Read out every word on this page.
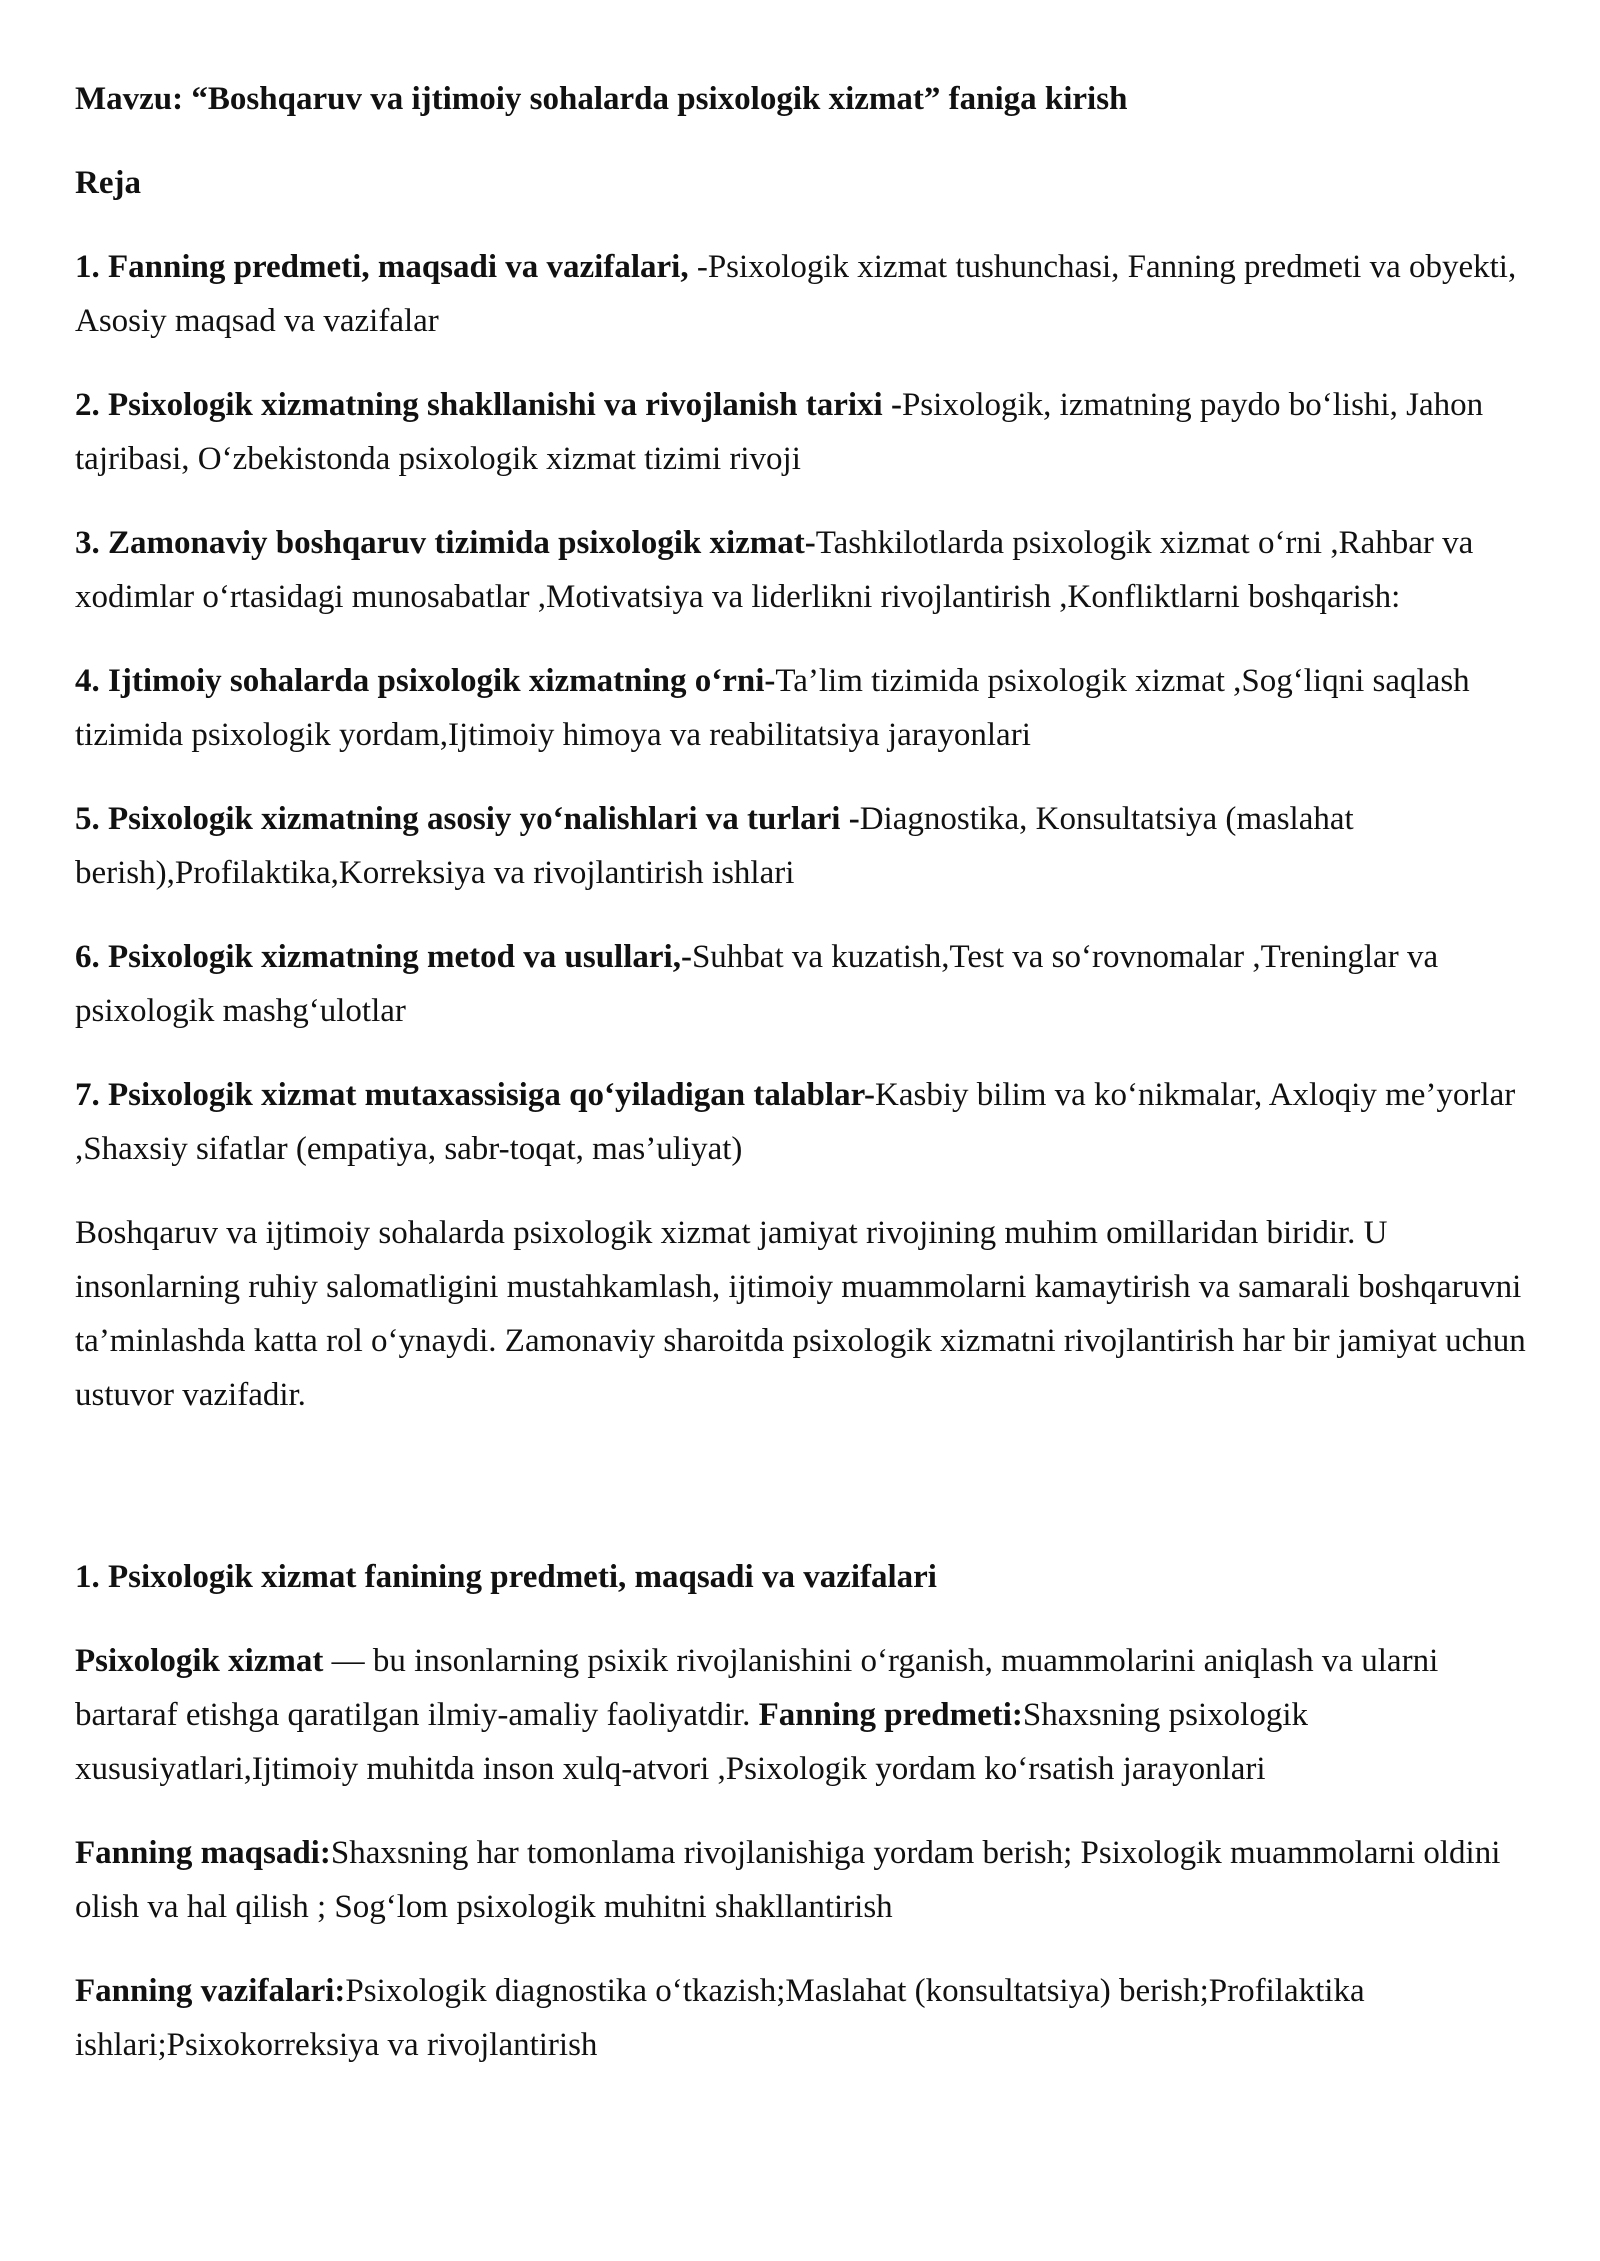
Mavzu: “Boshqaruv va ijtimoiy sohalarda psixologik xizmat” faniga kirish

Reja

1. Fanning predmeti, maqsadi va vazifalari, -Psixologik xizmat tushunchasi, Fanning predmeti va obyekti, Asosiy maqsad va vazifalar

2. Psixologik xizmatning shakllanishi va rivojlanish tarixi -Psixologik, izmatning paydo bo‘lishi, Jahon tajribasi, O‘zbekistonda psixologik xizmat tizimi rivoji

3. Zamonaviy boshqaruv tizimida psixologik xizmat-Tashkilotlarda psixologik xizmat o‘rni ,Rahbar va xodimlar o‘rtasidagi munosabatlar ,Motivatsiya va liderlikni rivojlantirish ,Konfliktlarni boshqarish:

4. Ijtimoiy sohalarda psixologik xizmatning o‘rni-Ta’lim tizimida psixologik xizmat ,Sog‘liqni saqlash tizimida psixologik yordam,Ijtimoiy himoya va reabilitatsiya jarayonlari

5. Psixologik xizmatning asosiy yo‘nalishlari va turlari -Diagnostika, Konsultatsiya (maslahat berish),Profilaktika,Korreksiya va rivojlantirish ishlari

6. Psixologik xizmatning metod va usullari,-Suhbat va kuzatish,Test va so‘rovnomalar ,Treninglar va psixologik mashg‘ulotlar

7. Psixologik xizmat mutaxassisiga qo‘yiladigan talablar-Kasbiy bilim va ko‘nikmalar, Axloqiy me’yorlar ,Shaxsiy sifatlar (empatiya, sabr-toqat, mas’uliyat)

Boshqaruv va ijtimoiy sohalarda psixologik xizmat jamiyat rivojining muhim omillaridan biridir. U insonlarning ruhiy salomatligini mustahkamlash, ijtimoiy muammolarni kamaytirish va samarali boshqaruvni ta’minlashda katta rol o‘ynaydi. Zamonaviy sharoitda psixologik xizmatni rivojlantirish har bir jamiyat uchun ustuvor vazifadir.

1. Psixologik xizmat fanining predmeti, maqsadi va vazifalari

Psixologik xizmat — bu insonlarning psixik rivojlanishini o‘rganish, muammolarini aniqlash va ularni bartaraf etishga qaratilgan ilmiy-amaliy faoliyatdir. Fanning predmeti:Shaxsning psixologik xususiyatlari,Ijtimoiy muhitda inson xulq-atvori ,Psixologik yordam ko‘rsatish jarayonlari

Fanning maqsadi:Shaxsning har tomonlama rivojlanishiga yordam berish; Psixologik muammolarni oldini olish va hal qilish ; Sog‘lom psixologik muhitni shakllantirish

Fanning vazifalari:Psixologik diagnostika o‘tkazish;Maslahat (konsultatsiya) berish;Profilaktika ishlari;Psixokorreksiya va rivojlantirish
